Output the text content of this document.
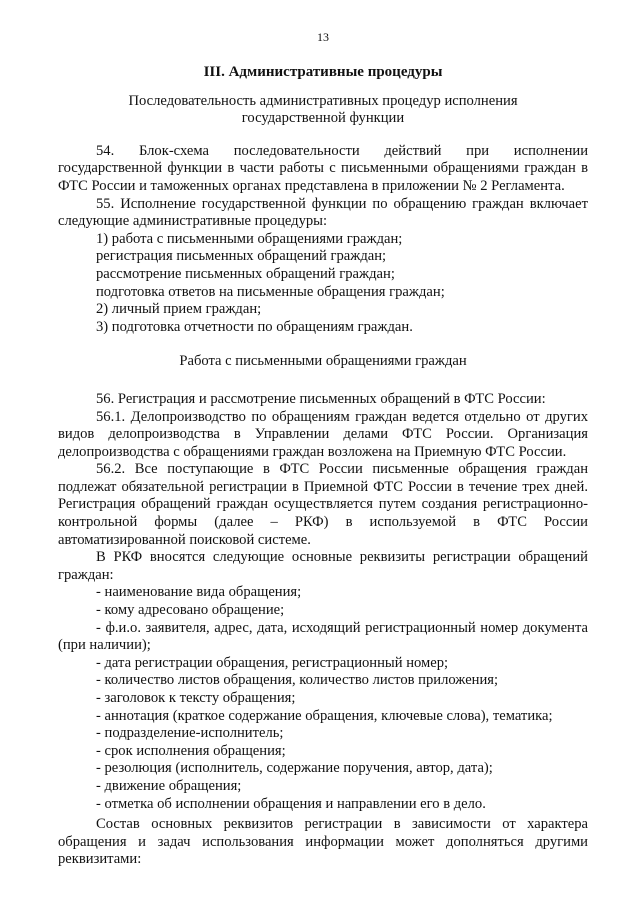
13
III. Административные процедуры
Последовательность административных процедур исполнения государственной функции

54. Блок-схема последовательности действий при исполнении государственной функции в части работы с письменными обращениями граждан в ФТС России и таможенных органах представлена в приложении № 2 Регламента.

55. Исполнение государственной функции по обращению граждан включает следующие административные процедуры:

1) работа с письменными обращениями граждан;

регистрация письменных обращений граждан;

рассмотрение письменных обращений граждан;

подготовка ответов на письменные обращения граждан;

2) личный прием граждан;

3) подготовка отчетности по обращениям граждан.

Работа с письменными обращениями граждан

56. Регистрация и рассмотрение письменных обращений в ФТС России:

56.1. Делопроизводство по обращениям граждан ведется отдельно от других видов делопроизводства в Управлении делами ФТС России. Организация делопроизводства с обращениями граждан возложена на Приемную ФТС России.

56.2. Все поступающие в ФТС России письменные обращения граждан подлежат обязательной регистрации в Приемной ФТС России в течение трех дней. Регистрация обращений граждан осуществляется путем создания регистрационно-контрольной формы (далее – РКФ) в используемой в ФТС России автоматизированной поисковой системе.

В РКФ вносятся следующие основные реквизиты регистрации обращений граждан:

- наименование вида обращения;

- кому адресовано обращение;

- ф.и.о. заявителя, адрес, дата, исходящий регистрационный номер документа (при наличии);

- дата регистрации обращения, регистрационный номер;

- количество листов обращения, количество листов приложения;

- заголовок к тексту обращения;

- аннотация (краткое содержание обращения, ключевые слова), тематика;

- подразделение-исполнитель;

- срок исполнения обращения;

- резолюция (исполнитель, содержание поручения, автор, дата);

- движение обращения;

- отметка об исполнении обращения и направлении его в дело.

Состав основных реквизитов регистрации в зависимости от характера обращения и задач использования информации может дополняться другими реквизитами:
